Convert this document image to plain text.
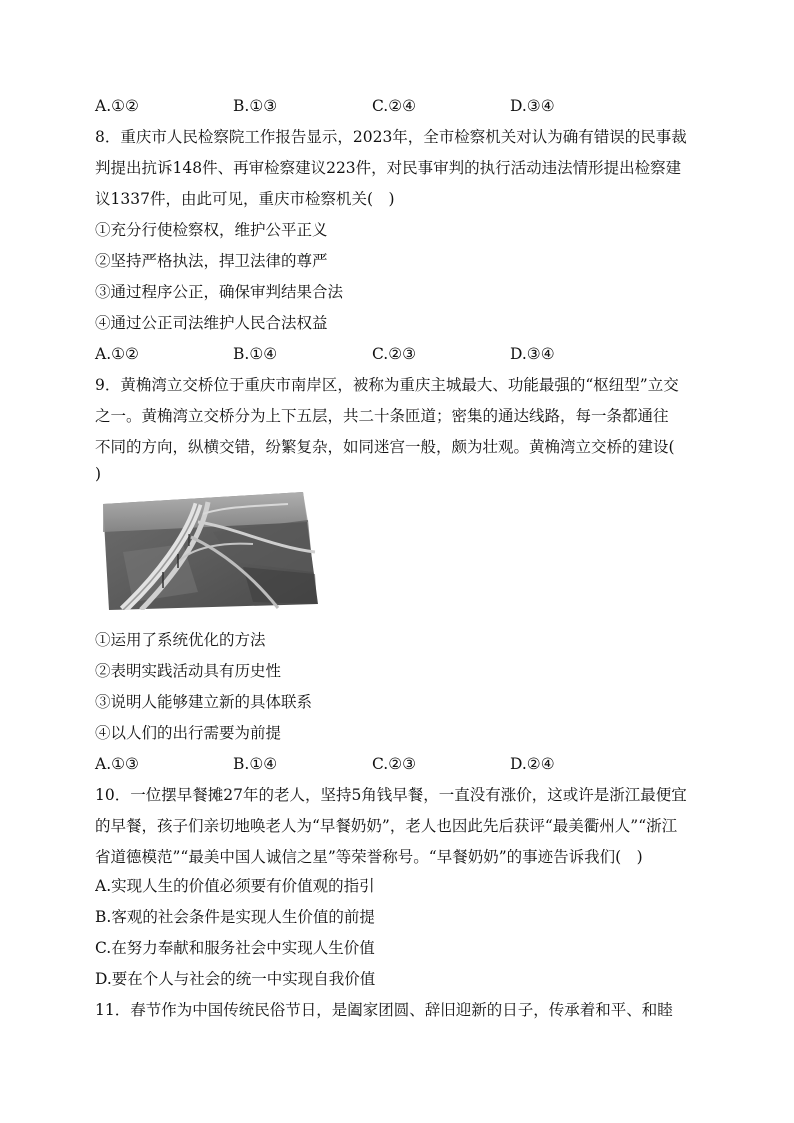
A.①②	B.①③	C.②④	D.③④
8．重庆市人民检察院工作报告显示，2023年，全市检察机关对认为确有错误的民事裁
判提出抗诉148件、再审检察建议223件，对民事审判的执行活动违法情形提出检察建
议1337件，由此可见，重庆市检察机关(　)
①充分行使检察权，维护公平正义
②坚持严格执法，捍卫法律的尊严
③通过程序公正，确保审判结果合法
④通过公正司法维护人民合法权益
A.①②	B.①④	C.②③	D.③④
9．黄桷湾立交桥位于重庆市南岸区，被称为重庆主城最大、功能最强的“枢纽型”立交
之一。黄桷湾立交桥分为上下五层，共二十条匝道；密集的通达线路，每一条都通往
不同的方向，纵横交错，纷繁复杂，如同迷宫一般，颇为壮观。黄桷湾立交桥的建设(
)
①运用了系统优化的方法
②表明实践活动具有历史性
③说明人能够建立新的具体联系
④以人们的出行需要为前提
A.①③	B.①④	C.②③	D.②④
10．一位摆早餐摊27年的老人，坚持5角钱早餐，一直没有涨价，这或许是浙江最便宜
的早餐，孩子们亲切地唤老人为“早餐奶奶”，老人也因此先后获评“最美衢州人”“浙江
省道德模范”“最美中国人诚信之星”等荣誉称号。“早餐奶奶”的事迹告诉我们(　)
A.实现人生的价值必须要有价值观的指引
B.客观的社会条件是实现人生价值的前提
C.在努力奉献和服务社会中实现人生价值
D.要在个人与社会的统一中实现自我价值
11．春节作为中国传统民俗节日，是阖家团圆、辞旧迎新的日子，传承着和平、和睦
